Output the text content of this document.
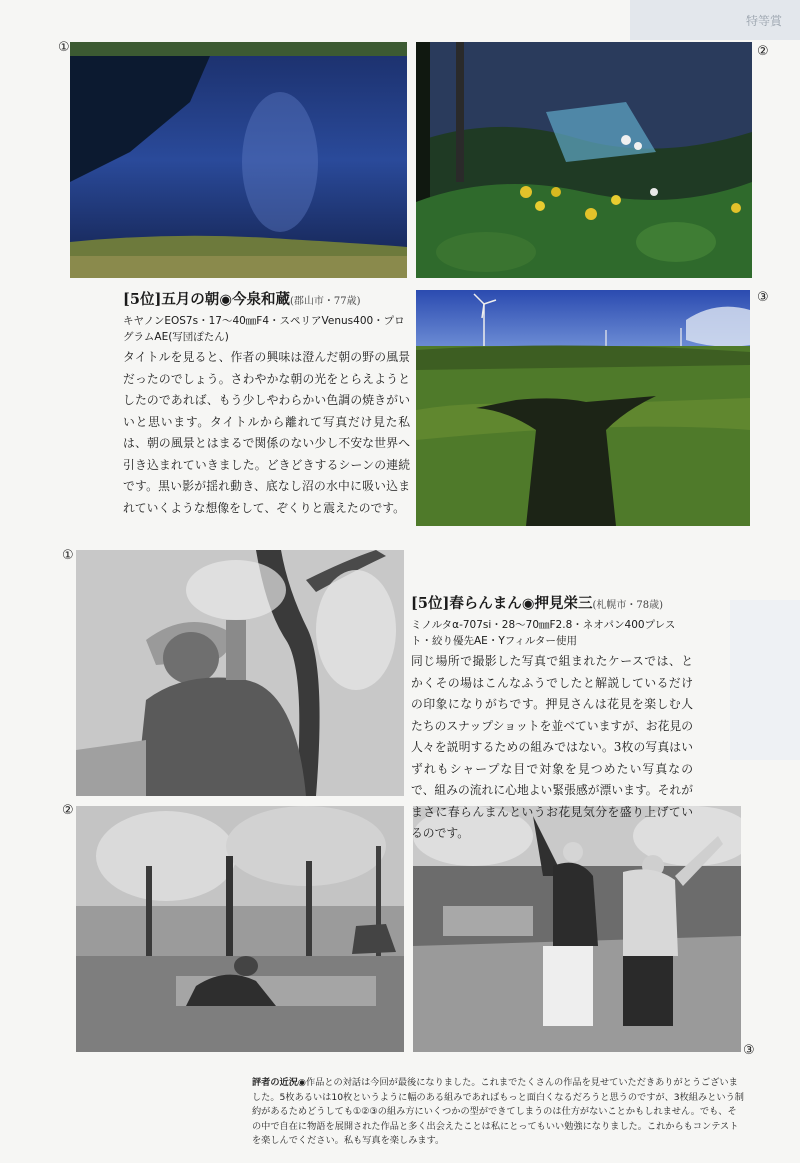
特等賞
①	②
③
[5位]五月の朝◉今泉和蔵(郡山市・77歳)
キヤノンEOS7s・17〜40㎜F4・スペリアVenus400・プログラムAE(写団ぽたん)
タイトルを見ると、作者の興味は澄んだ朝の野の風景だったのでしょう。さわやかな朝の光をとらえようとしたのであれば、もう少しやわらかい色調の焼きがいいと思います。タイトルから離れて写真だけ見た私は、朝の風景とはまるで関係のない少し不安な世界へ引き込まれていきました。どきどきするシーンの連続です。黒い影が揺れ動き、底なし沼の水中に吸い込まれていくような想像をして、ぞくりと震えたのです。
①
②
③
[5位]春らんまん◉押見栄三(札幌市・78歳)
ミノルタα-707si・28〜70㎜F2.8・ネオパン400プレスト・絞り優先AE・Yフィルター使用
同じ場所で撮影した写真で組まれたケースでは、とかくその場はこんなふうでしたと解説しているだけの印象になりがちです。押見さんは花見を楽しむ人たちのスナップショットを並べていますが、お花見の人々を説明するための組みではない。3枚の写真はいずれもシャープな目で対象を見つめたい写真なので、組みの流れに心地よい緊張感が漂います。それがまさに春らんまんというお花見気分を盛り上げているのです。
評者の近況◉作品との対話は今回が最後になりました。これまでたくさんの作品を見せていただきありがとうございました。5枚あるいは10枚というように幅のある組みであればもっと面白くなるだろうと思うのですが、3枚組みという制約があるためどうしても①②③の組み方にいくつかの型ができてしまうのは仕方がないことかもしれません。でも、その中で自在に物語を展開された作品と多く出会えたことは私にとってもいい勉強になりました。これからもコンテストを楽しんでください。私も写真を楽しみます。
